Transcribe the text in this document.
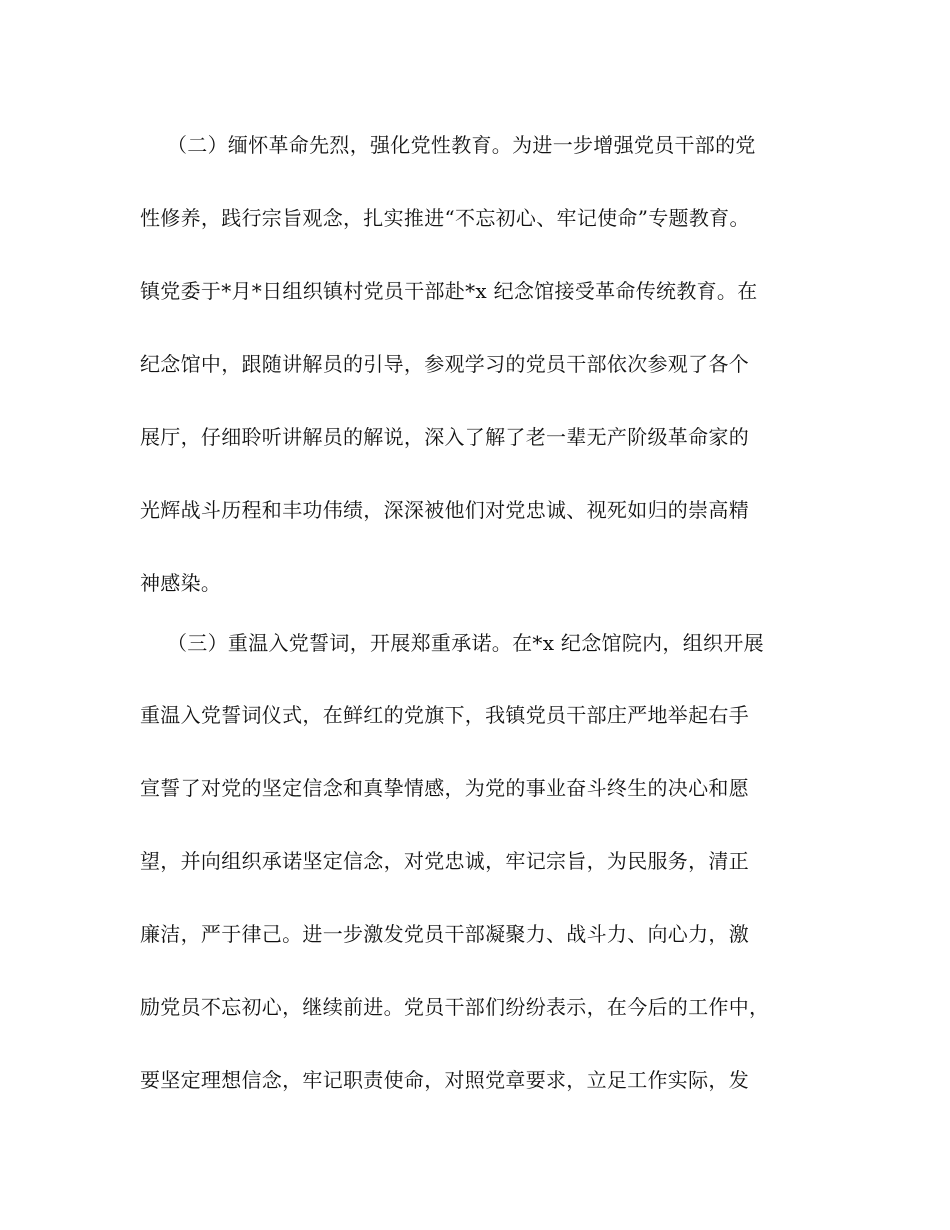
（二）缅怀革命先烈，强化党性教育。为进一步增强党员干部的党
性修养，践行宗旨观念，扎实推进“不忘初心、牢记使命”专题教育。
镇党委于*月*日组织镇村党员干部赴*x 纪念馆接受革命传统教育。在
纪念馆中，跟随讲解员的引导，参观学习的党员干部依次参观了各个
展厅，仔细聆听讲解员的解说，深入了解了老一辈无产阶级革命家的
光辉战斗历程和丰功伟绩，深深被他们对党忠诚、视死如归的崇高精
神感染。
（三）重温入党誓词，开展郑重承诺。在*x 纪念馆院内，组织开展
重温入党誓词仪式，在鲜红的党旗下，我镇党员干部庄严地举起右手
宣誓了对党的坚定信念和真挚情感，为党的事业奋斗终生的决心和愿
望，并向组织承诺坚定信念，对党忠诚，牢记宗旨，为民服务，清正
廉洁，严于律己。进一步激发党员干部凝聚力、战斗力、向心力，激
励党员不忘初心，继续前进。党员干部们纷纷表示，在今后的工作中，
要坚定理想信念，牢记职责使命，对照党章要求，立足工作实际，发
